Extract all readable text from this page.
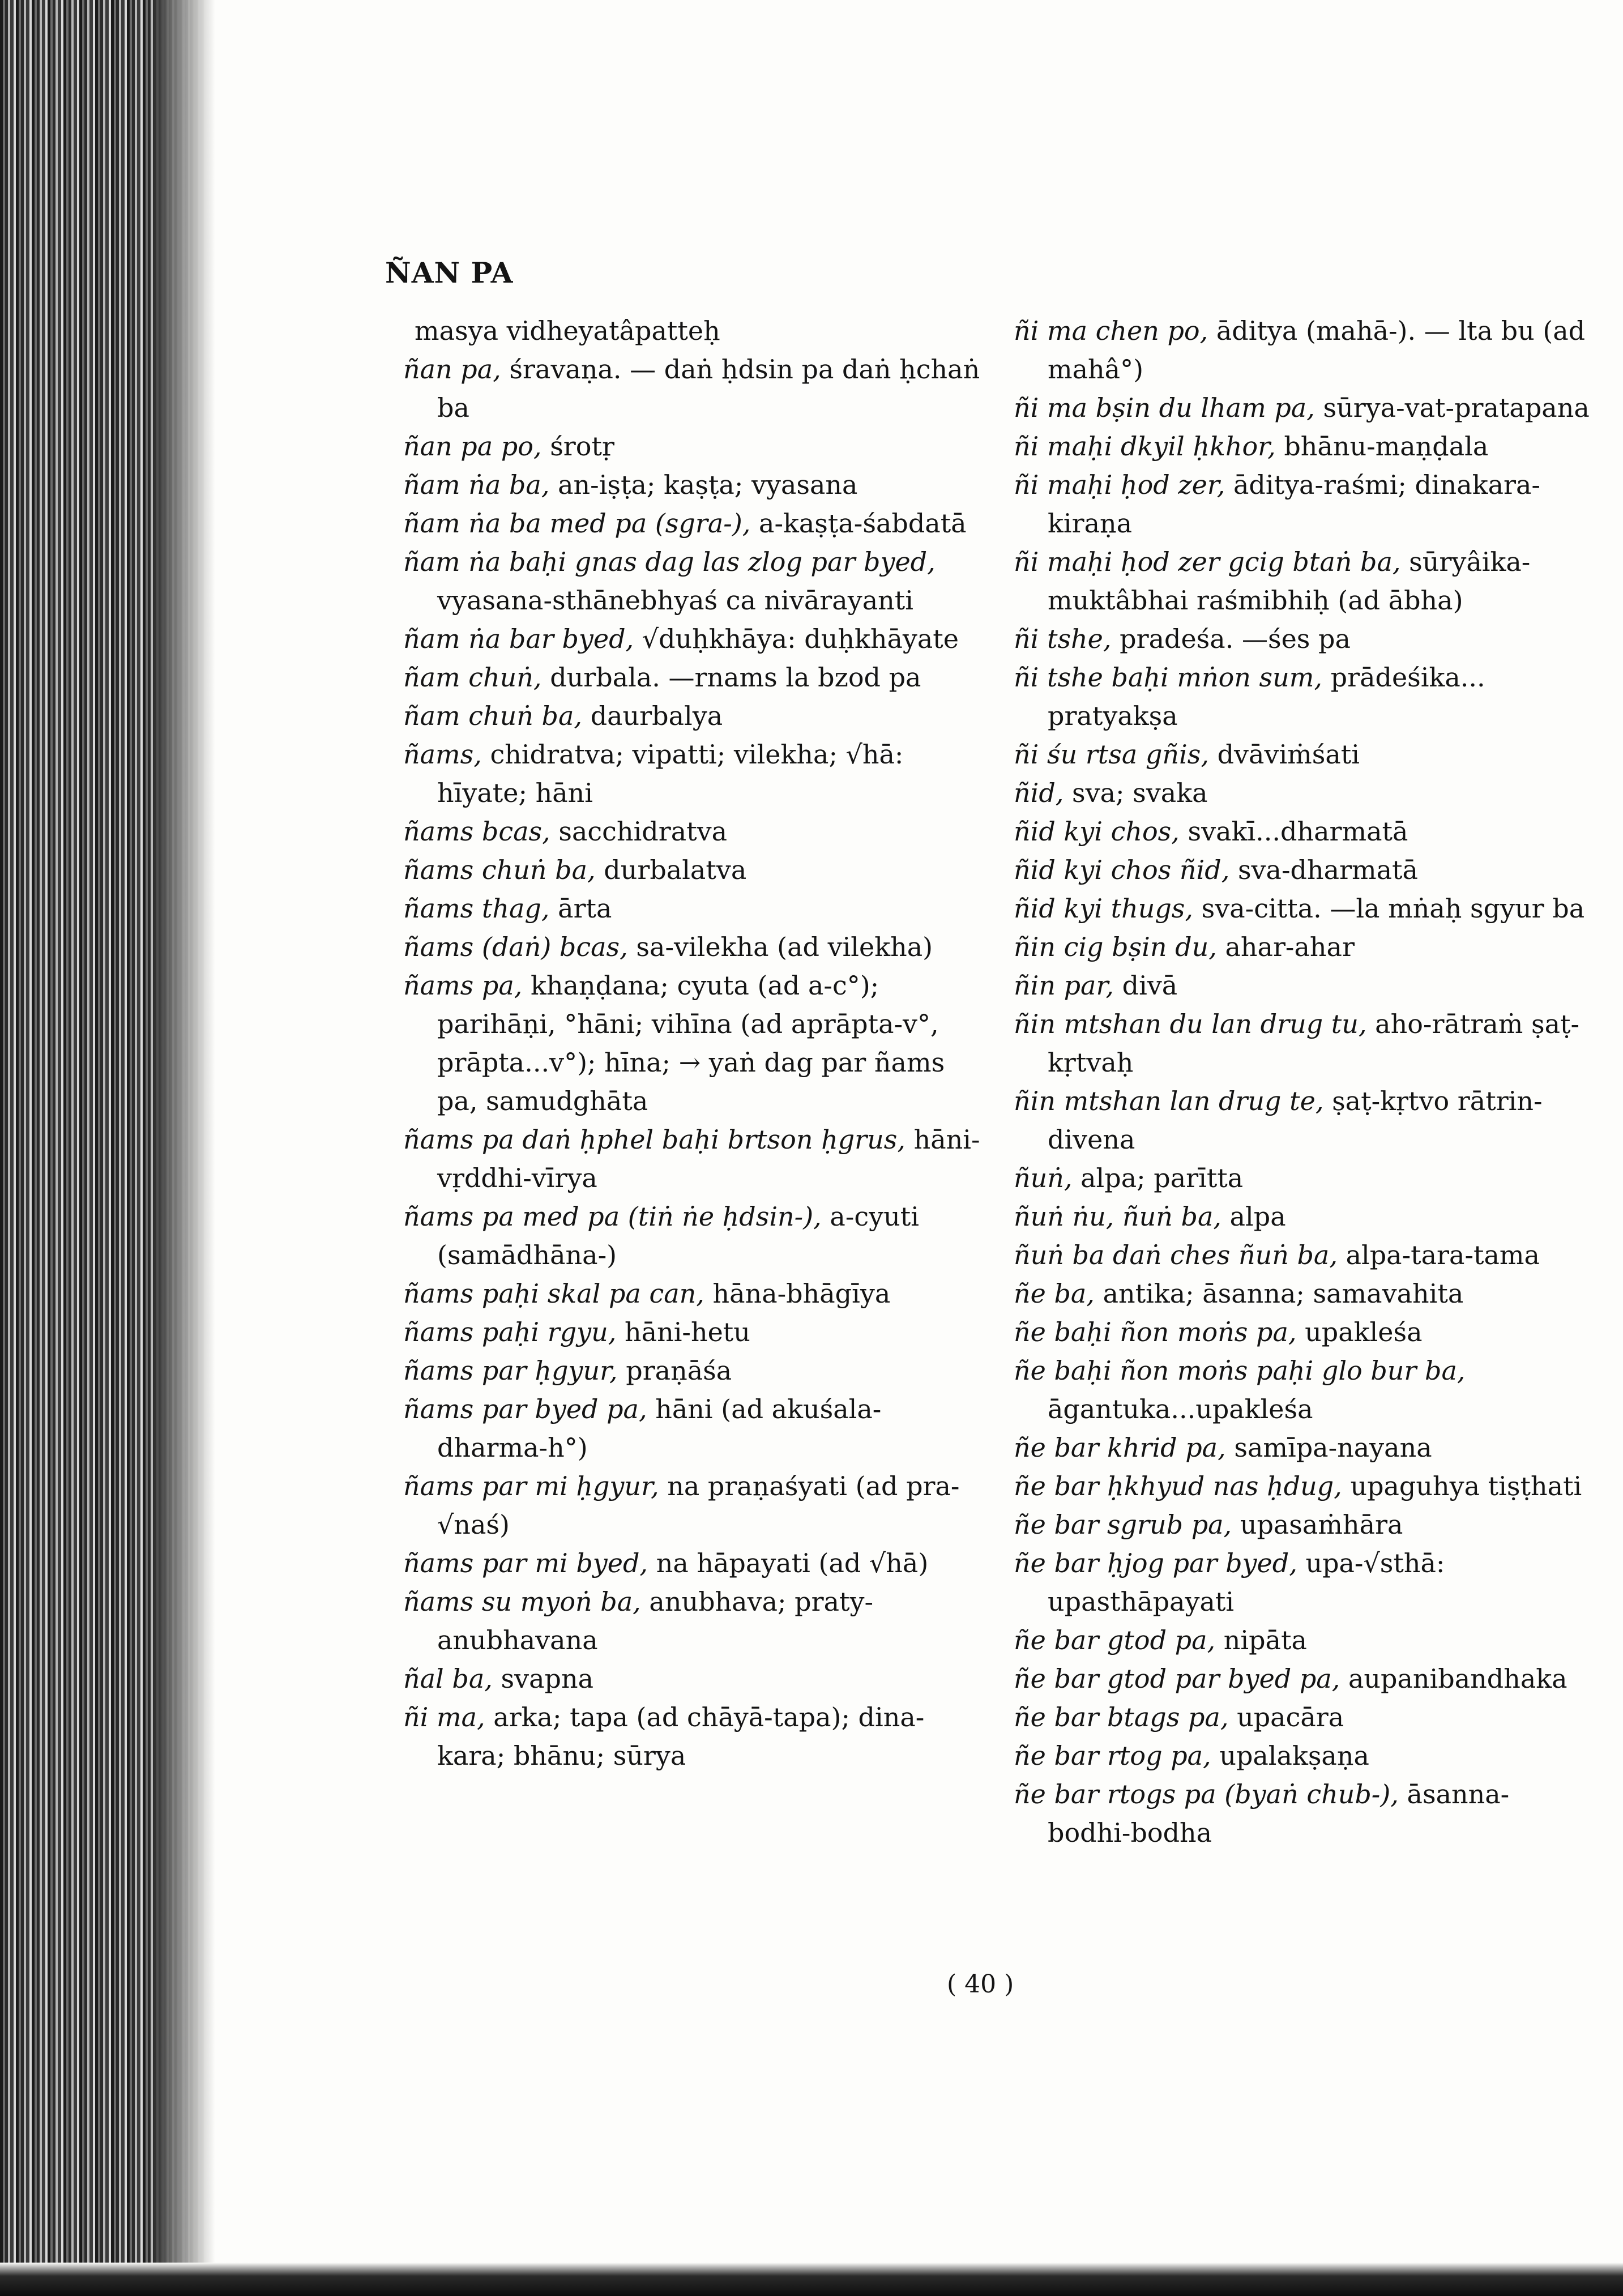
ÑAN PA
masya vidheyatâpatteḥ
ñan pa, śravaṇa. — daṅ ḥdsin pa daṅ ḥchaṅ ba
ñan pa po, śrotṛ
ñam ṅa ba, an-iṣṭa; kaṣṭa; vyasana
ñam ṅa ba med pa (sgra-), a-kaṣṭa-śabdatā
ñam ṅa baḥi gnas dag las zlog par byed, vyasana-sthānebhyaś ca nivārayanti
ñam ṅa bar byed, √duḥkhāya: duḥkhāyate
ñam chuṅ, durbala. —rnams la bzod pa
ñam chuṅ ba, daurbalya
ñams, chidratva; vipatti; vilekha; √hā: hīyate; hāni
ñams bcas, sacchidratva
ñams chuṅ ba, durbalatva
ñams thag, ārta
ñams (daṅ) bcas, sa-vilekha (ad vilekha)
ñams pa, khaṇḍana; cyuta (ad a-c°); parihāṇi, °hāni; vihīna (ad aprāpta-v°, prāpta...v°); hīna; → yaṅ dag par ñams pa, samudghāta
ñams pa daṅ ḥphel baḥi brtson ḥgrus, hāni-vṛddhi-vīrya
ñams pa med pa (tiṅ ṅe ḥdsin-), a-cyuti (samādhāna-)
ñams paḥi skal pa can, hāna-bhāgīya
ñams paḥi rgyu, hāni-hetu
ñams par ḥgyur, praṇāśa
ñams par byed pa, hāni (ad akuśala-dharma-h°)
ñams par mi ḥgyur, na praṇaśyati (ad pra-√naś)
ñams par mi byed, na hāpayati (ad √hā)
ñams su myoṅ ba, anubhava; praty-anubhavana
ñal ba, svapna
ñi ma, arka; tapa (ad chāyā-tapa); dina-kara; bhānu; sūrya
ñi ma chen po, āditya (mahā-). — lta bu (ad mahâ°)
ñi ma bṣin du lham pa, sūrya-vat-pratapana
ñi maḥi dkyil ḥkhor, bhānu-maṇḍala
ñi maḥi ḥod zer, āditya-raśmi; dinakara-kiraṇa
ñi maḥi ḥod zer gcig btaṅ ba, sūryâika-muktâbhai raśmibhiḥ (ad ābha)
ñi tshe, pradeśa. —śes pa
ñi tshe baḥi mṅon sum, prādeśika... pratyakṣa
ñi śu rtsa gñis, dvāviṁśati
ñid, sva; svaka
ñid kyi chos, svakī...dharmatā
ñid kyi chos ñid, sva-dharmatā
ñid kyi thugs, sva-citta. —la mṅaḥ sgyur ba
ñin cig bṣin du, ahar-ahar
ñin par, divā
ñin mtshan du lan drug tu, aho-rātraṁ ṣaṭ-kṛtvaḥ
ñin mtshan lan drug te, ṣaṭ-kṛtvo rātrin-divena
ñuṅ, alpa; parītta
ñuṅ ṅu, ñuṅ ba, alpa
ñuṅ ba daṅ ches ñuṅ ba, alpa-tara-tama
ñe ba, antika; āsanna; samavahita
ñe baḥi ñon moṅs pa, upakleśa
ñe baḥi ñon moṅs paḥi glo bur ba, āgantuka...upakleśa
ñe bar khrid pa, samīpa-nayana
ñe bar ḥkhyud nas ḥdug, upaguhya tiṣṭhati
ñe bar sgrub pa, upasaṁhāra
ñe bar ḥjog par byed, upa-√sthā: upasthāpayati
ñe bar gtod pa, nipāta
ñe bar gtod par byed pa, aupanibandhaka
ñe bar btags pa, upacāra
ñe bar rtog pa, upalakṣaṇa
ñe bar rtogs pa (byaṅ chub-), āsanna-bodhi-bodha
( 40 )
